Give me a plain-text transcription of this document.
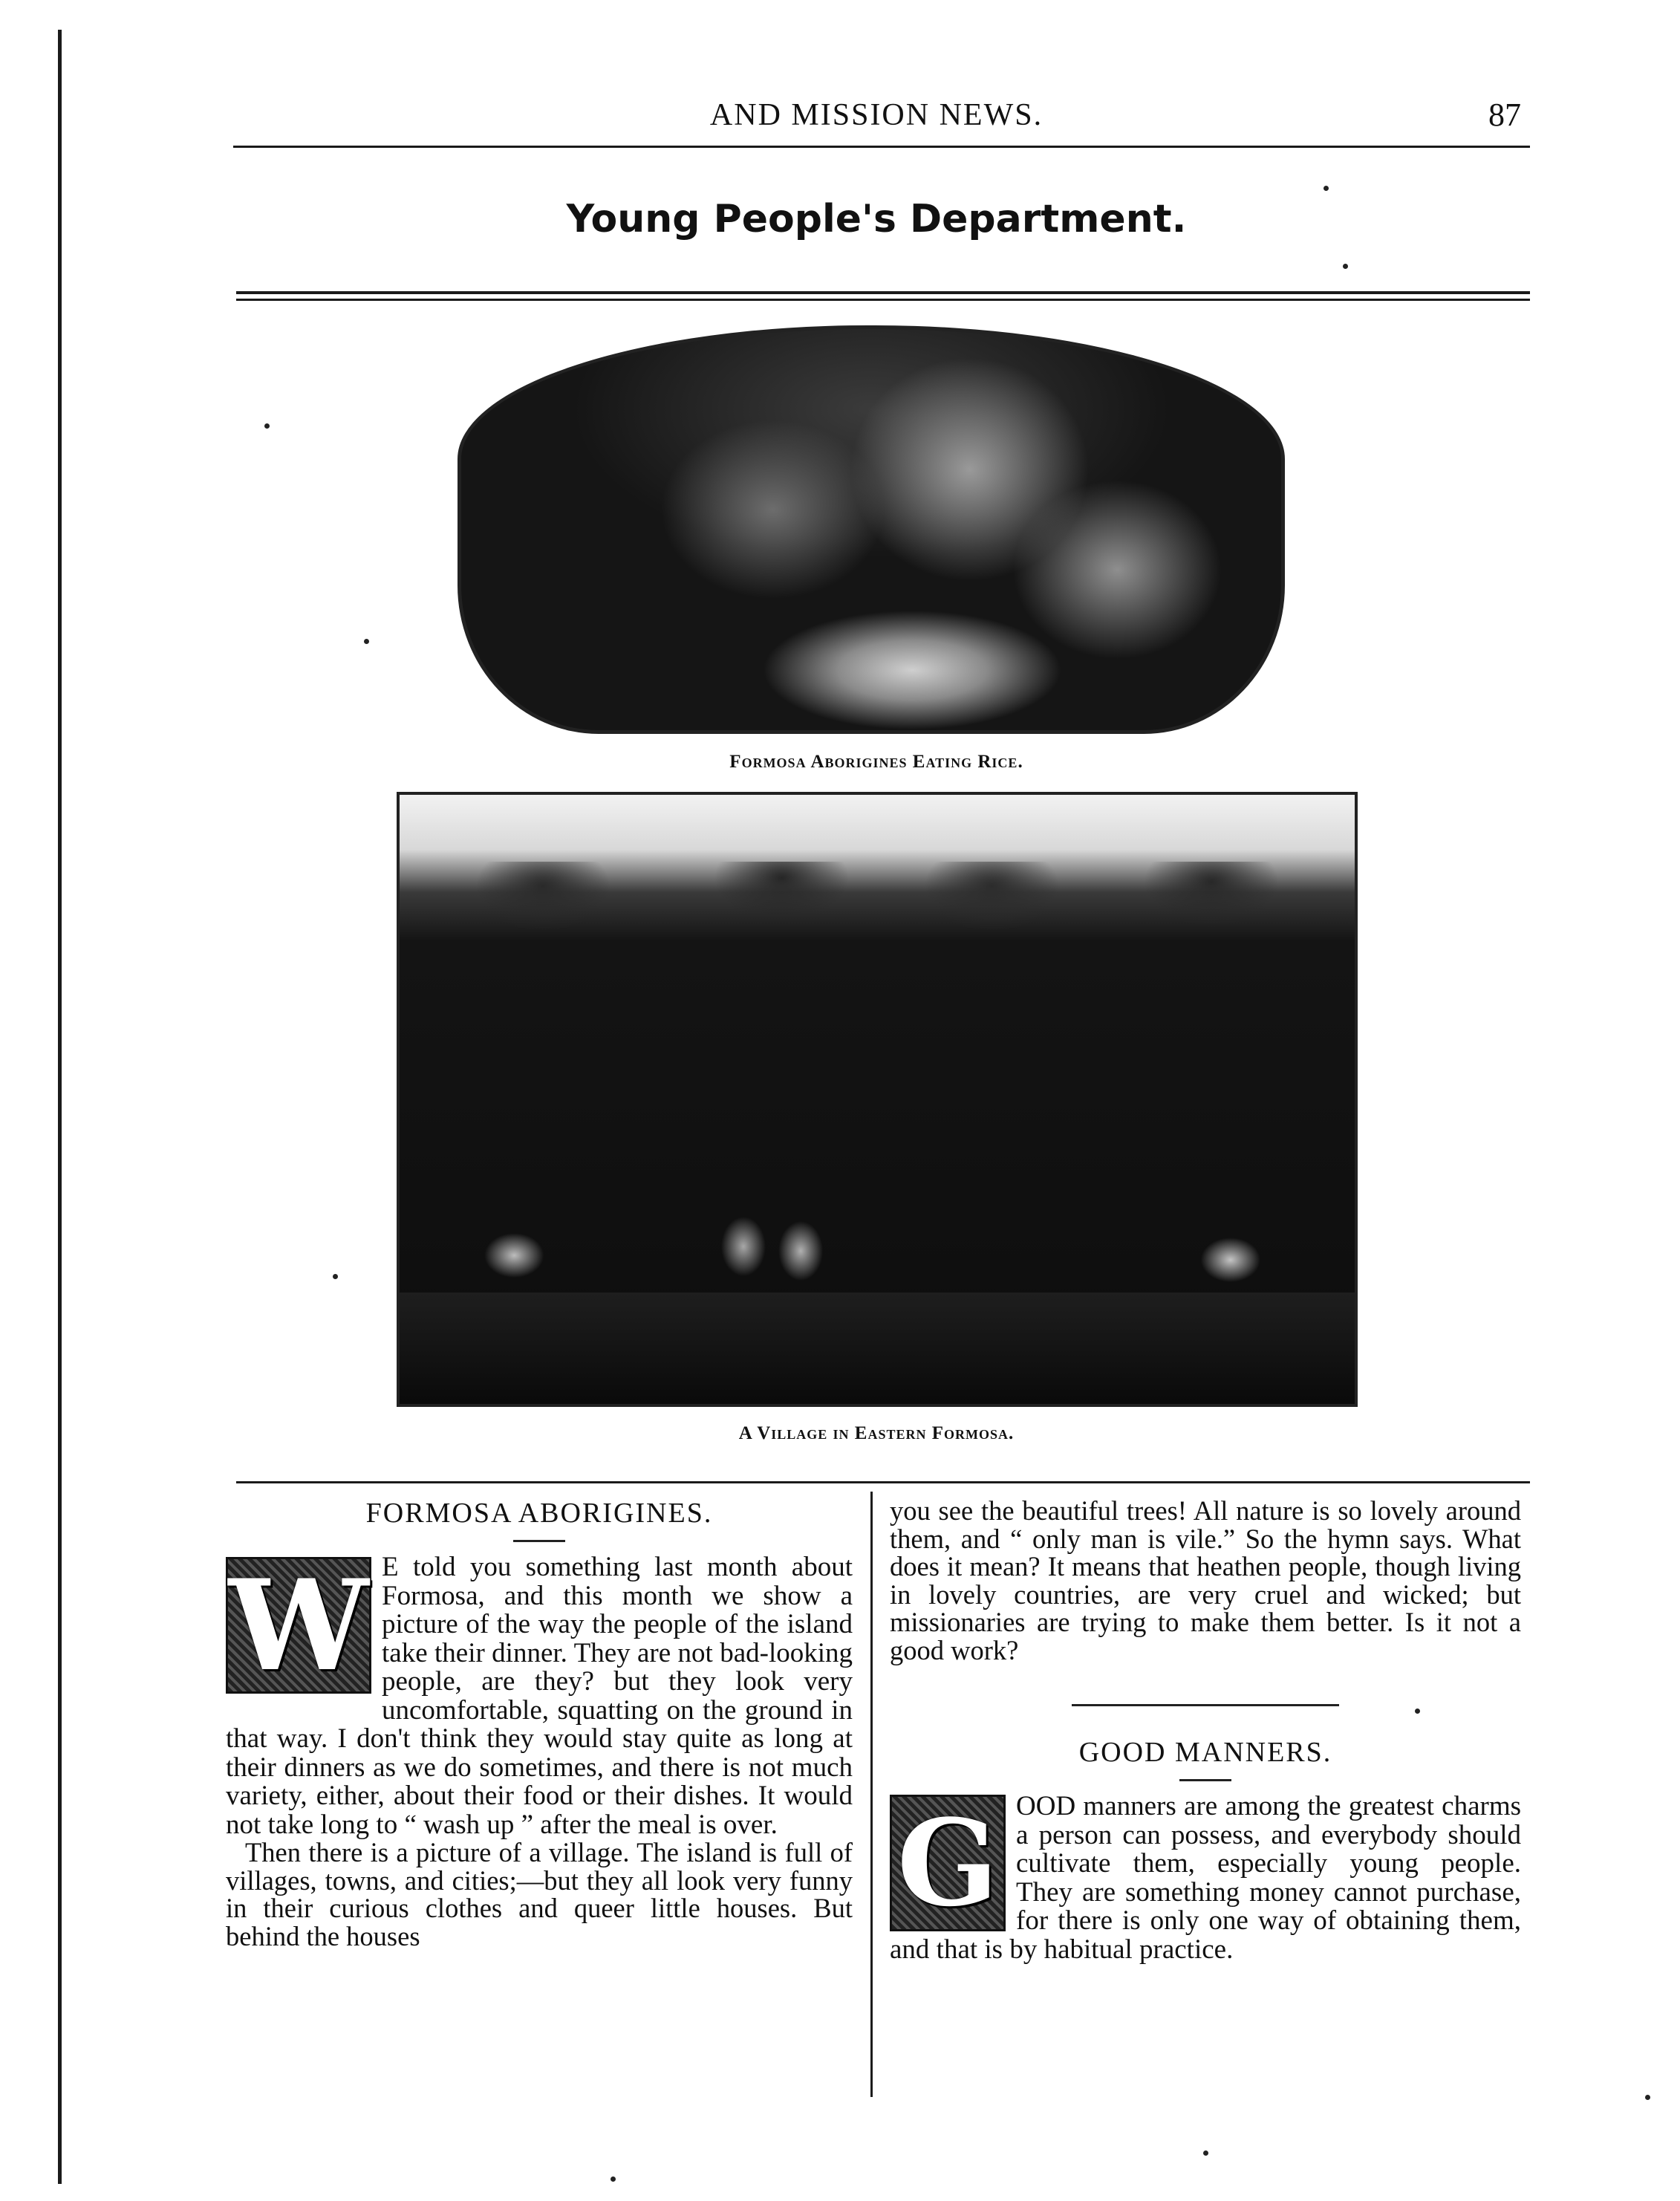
AND MISSION NEWS.	87
Young People's Department.
Formosa Aborigines Eating Rice.
A Village in Eastern Formosa.
FORMOSA ABORIGINES.

W E told you something last month about Formosa, and this month we show a picture of the way the people of the island take their dinner. They are not bad-looking people, are they? but they look very uncomfortable, squatting on the ground in that way. I don't think they would stay quite as long at their dinners as we do sometimes, and there is not much variety, either, about their food or their dishes. It would not take long to “ wash up ” after the meal is over.

Then there is a picture of a village. The island is full of villages, towns, and cities;—but they all look very funny in their curious clothes and queer little houses. But behind the houses

you see the beautiful trees! All nature is so lovely around them, and “ only man is vile.” So the hymn says. What does it mean? It means that heathen people, though living in lovely countries, are very cruel and wicked; but missionaries are trying to make them better. Is it not a good work?

GOOD MANNERS.

G OOD manners are among the greatest charms a person can possess, and everybody should cultivate them, especially young people. They are something money cannot purchase, for there is only one way of obtaining them, and that is by habitual practice.
